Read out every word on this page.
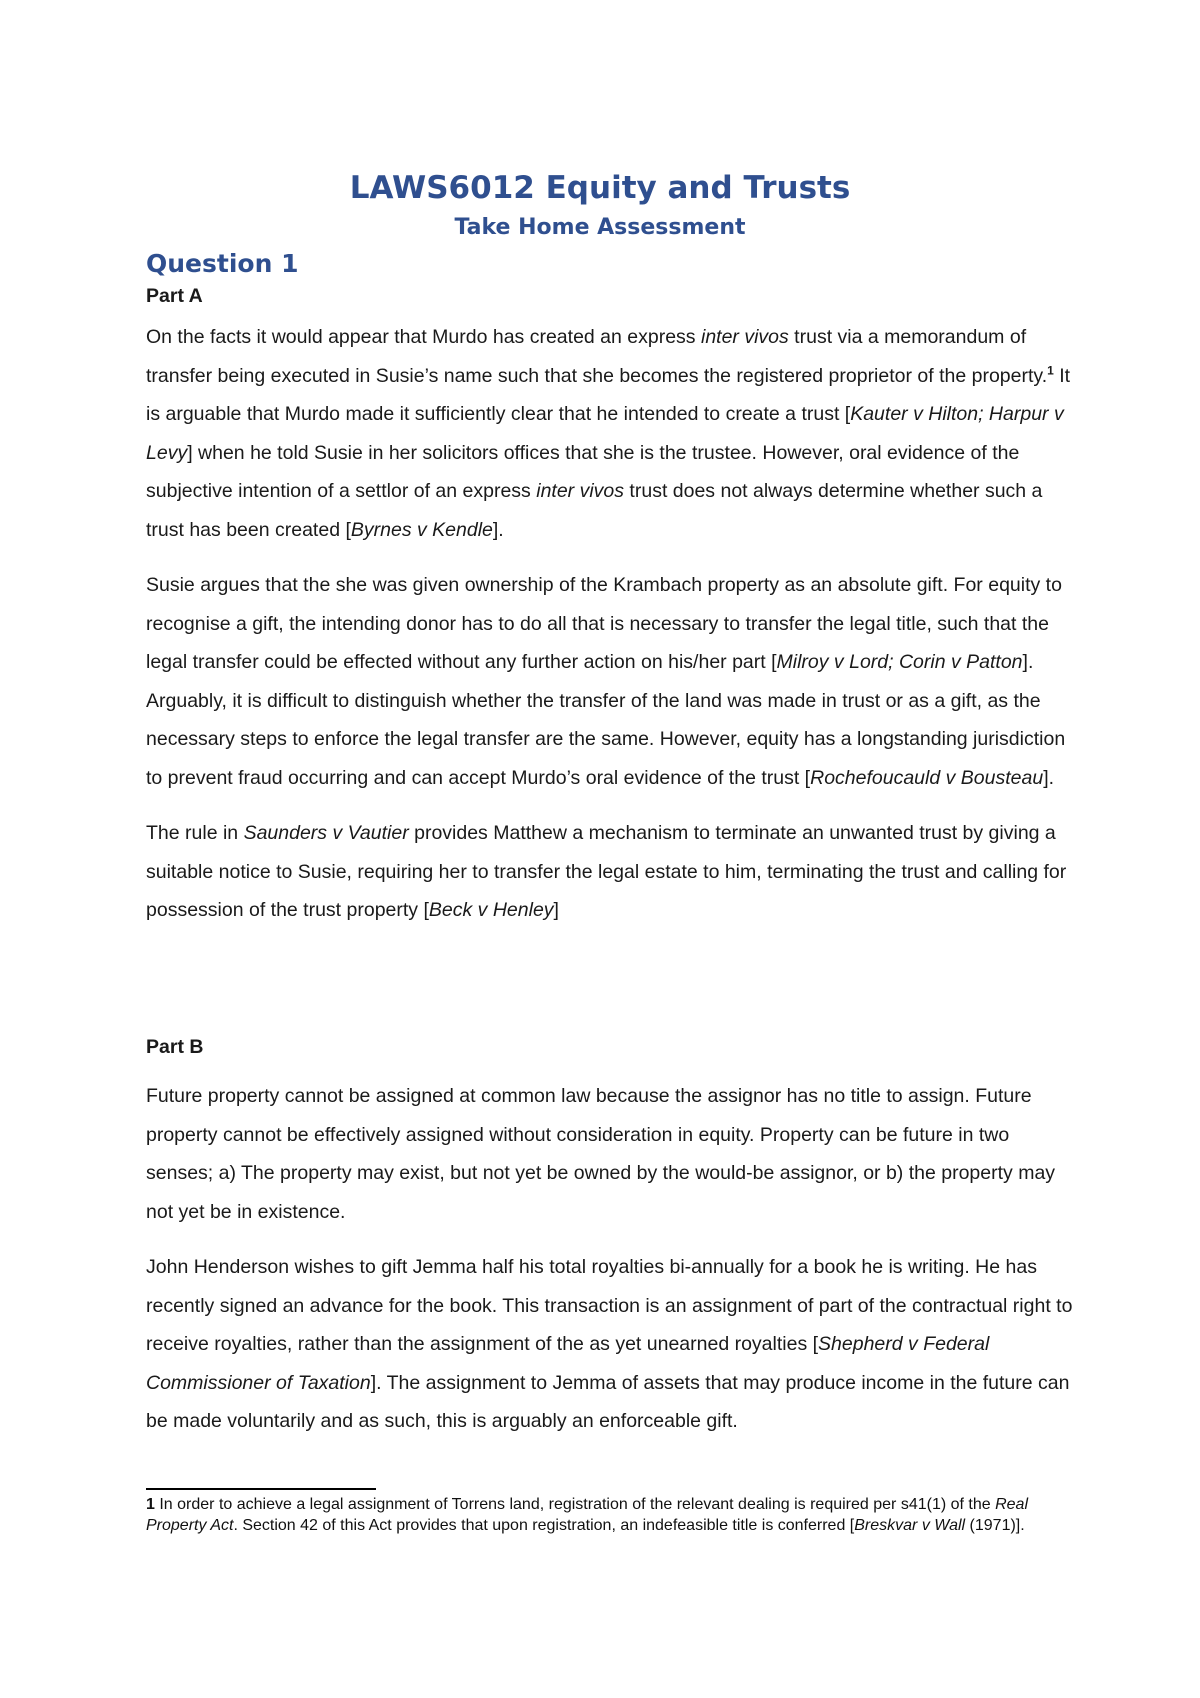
LAWS6012 Equity and Trusts
Take Home Assessment
Question 1

Part A

On the facts it would appear that Murdo has created an express inter vivos trust via a memorandum of transfer being executed in Susie’s name such that she becomes the registered proprietor of the property.$^1$ It is arguable that Murdo made it sufficiently clear that he intended to create a trust [Kauter v Hilton; Harpur v Levy] when he told Susie in her solicitors offices that she is the trustee. However, oral evidence of the subjective intention of a settlor of an express inter vivos trust does not always determine whether such a trust has been created [Byrnes v Kendle].

Susie argues that the she was given ownership of the Krambach property as an absolute gift. For equity to recognise a gift, the intending donor has to do all that is necessary to transfer the legal title, such that the legal transfer could be effected without any further action on his/her part [Milroy v Lord; Corin v Patton]. Arguably, it is difficult to distinguish whether the transfer of the land was made in trust or as a gift, as the necessary steps to enforce the legal transfer are the same. However, equity has a longstanding jurisdiction to prevent fraud occurring and can accept Murdo’s oral evidence of the trust [Rochefoucauld v Bousteau].

The rule in Saunders v Vautier provides Matthew a mechanism to terminate an unwanted trust by giving a suitable notice to Susie, requiring her to transfer the legal estate to him, terminating the trust and calling for possession of the trust property [Beck v Henley]

Part B

Future property cannot be assigned at common law because the assignor has no title to assign. Future property cannot be effectively assigned without consideration in equity. Property can be future in two senses; a) The property may exist, but not yet be owned by the would-be assignor, or b) the property may not yet be in existence.

John Henderson wishes to gift Jemma half his total royalties bi-annually for a book he is writing. He has recently signed an advance for the book. This transaction is an assignment of part of the contractual right to receive royalties, rather than the assignment of the as yet unearned royalties [Shepherd v Federal Commissioner of Taxation]. The assignment to Jemma of assets that may produce income in the future can be made voluntarily and as such, this is arguably an enforceable gift.

1 In order to achieve a legal assignment of Torrens land, registration of the relevant dealing is required per s41(1) of the Real Property Act. Section 42 of this Act provides that upon registration, an indefeasible title is conferred [Breskvar v Wall (1971)].
